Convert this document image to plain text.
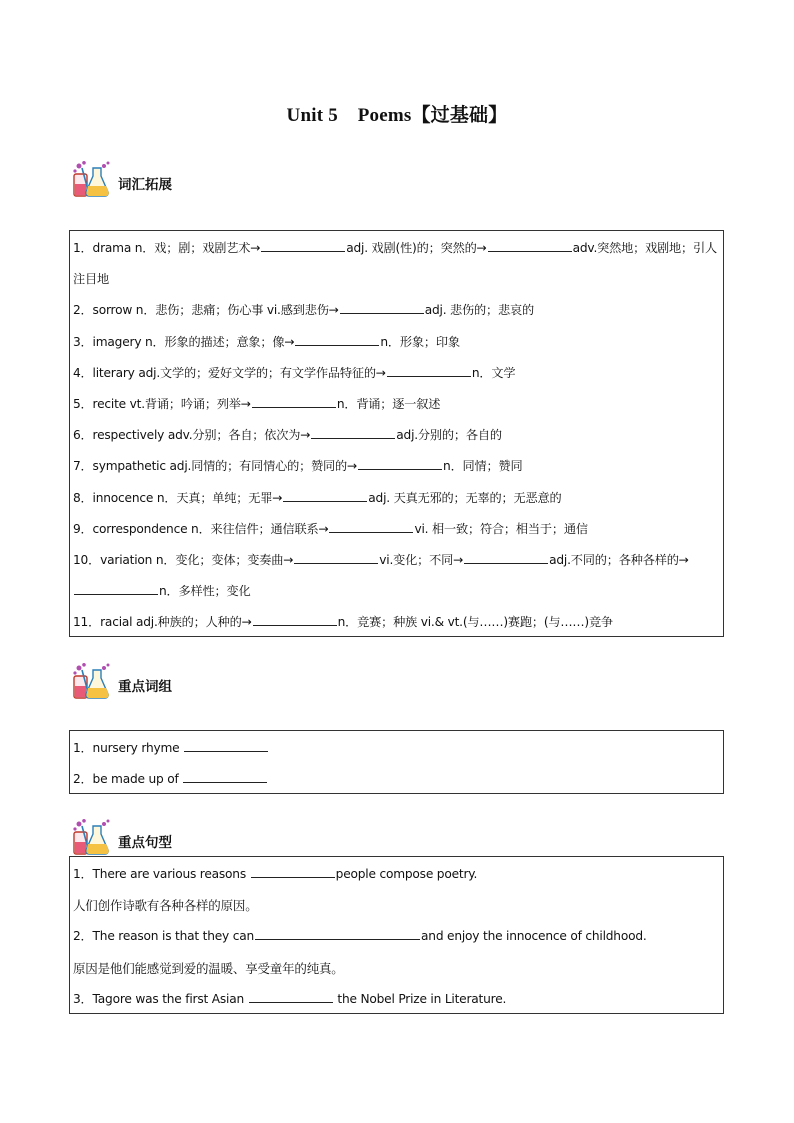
Unit 5    Poems【过基础】
词汇拓展
1．drama n．戏；剧；戏剧艺术→	adj. 戏剧(性)的；突然的→	adv.突然地；戏剧地；引人注目地
2．sorrow n．悲伤；悲痛；伤心事 vi.感到悲伤→	adj. 悲伤的；悲哀的
3．imagery n．形象的描述；意象；像→	n．形象；印象
4．literary adj.文学的；爱好文学的；有文学作品特征的→	n．文学
5．recite vt.背诵；吟诵；列举→	n．背诵；逐一叙述
6．respectively adv.分别；各自；依次为→	adj.分别的；各自的
7．sympathetic adj.同情的；有同情心的；赞同的→	n．同情；赞同
8．innocence n．天真；单纯；无罪→	adj. 天真无邪的；无辜的；无恶意的
9．correspondence n．来往信件；通信联系→	vi. 相一致；符合；相当于；通信
10．variation n．变化；变体；变奏曲→	vi.变化；不同→	adj.不同的；各种各样的→n．多样性；变化
11．racial adj.种族的；人种的→	n．竞赛；种族 vi.& vt.(与……)赛跑；(与……)竞争
重点词组
1．nursery rhyme
2．be made up of
重点句型
1．There are various reasons	people compose poetry.
人们创作诗歌有各种各样的原因。
2．The reason is that they can	and enjoy the innocence of childhood.
原因是他们能感觉到爱的温暖、享受童年的纯真。
3．Tagore was the first Asian	the Nobel Prize in Literature.
